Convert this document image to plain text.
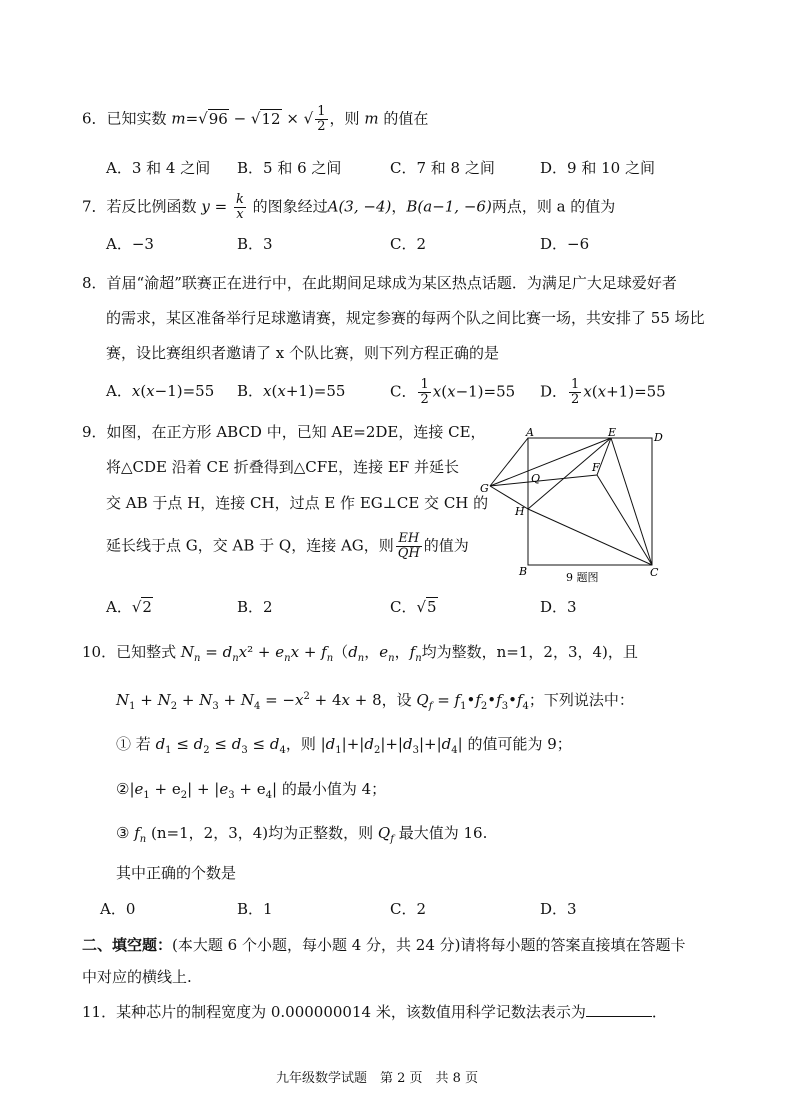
6．已知实数 m=√96 − √12 × √ $\frac{1}{2}$ ，则 m 的值在
A．3 和 4 之间 B．5 和 6 之间	C．7 和 8 之间	D．9 和 10 之间
7．若反比例函数 $y = \frac{k}{x}$ 的图象经过A(3, −4)，B(a−1, −6)两点，则 a 的值为
A．−3	B．3	C．2	D．−6
8．首届“渝超”联赛正在进行中，在此期间足球成为某区热点话题．为满足广大足球爱好者
的需求，某区准备举行足球邀请赛，规定参赛的每两个队之间比赛一场，共安排了 55 场比
赛，设比赛组织者邀请了 x 个队比赛，则下列方程正确的是
A．x(x−1)=55 B．x(x+1)=55	C． $\frac{1}{2} x(x-1)=55$ D． $\frac{1}{2} x(x+1)=55$
9．如图，在正方形 ABCD 中，已知 AE=2DE，连接 CE，
将△CDE 沿着 CE 折叠得到△CFE，连接 EF 并延长
交 AB 于点 H，连接 CH，过点 E 作 EG⊥CE 交 CH 的
延长线于点 G，交 AB 于 Q，连接 AG，则 $\frac{EH}{QH}$ 的值为
A	E	D
F
Q
G
H
B	C
9 题图
A．√2	B．2	C．√5	D．3
10．已知整式 $N_n = d_nx^2 + e_nx + f_n(d_n$，$e_n$，$f_n$均为整数，n=1，2，3，4)，且
$N_1 + N_2 + N_3 + N_4 = -x^2 + 4x + 8$，设 $Q_f$ = $f_1•f_2•f_3•f_4$；下列说法中：
① 若 $d_1 \le d_2 \le d_3 \le d_4$，则 $|d_1|+|d_2|+|d_3|+|d_4|$ 的值可能为 9；
$②|e_1 + e_2| + |e_3 + e_4|$ 的最小值为 4；
③ $f_n$ (n=1，2，3，4)均为正整数，则 $Q_f$ 最大值为 16.
其中正确的个数是
A．0	B．1	C．2	D．3
二、填空题：(本大题 6 个小题，每小题 4 分，共 24 分)请将每小题的答案直接填在答题卡
中对应的横线上.
11．某种芯片的制程宽度为 0.000000014 米，该数值用科学记数法表示为	．
九年级数学试题　第 2 页　共 8 页
